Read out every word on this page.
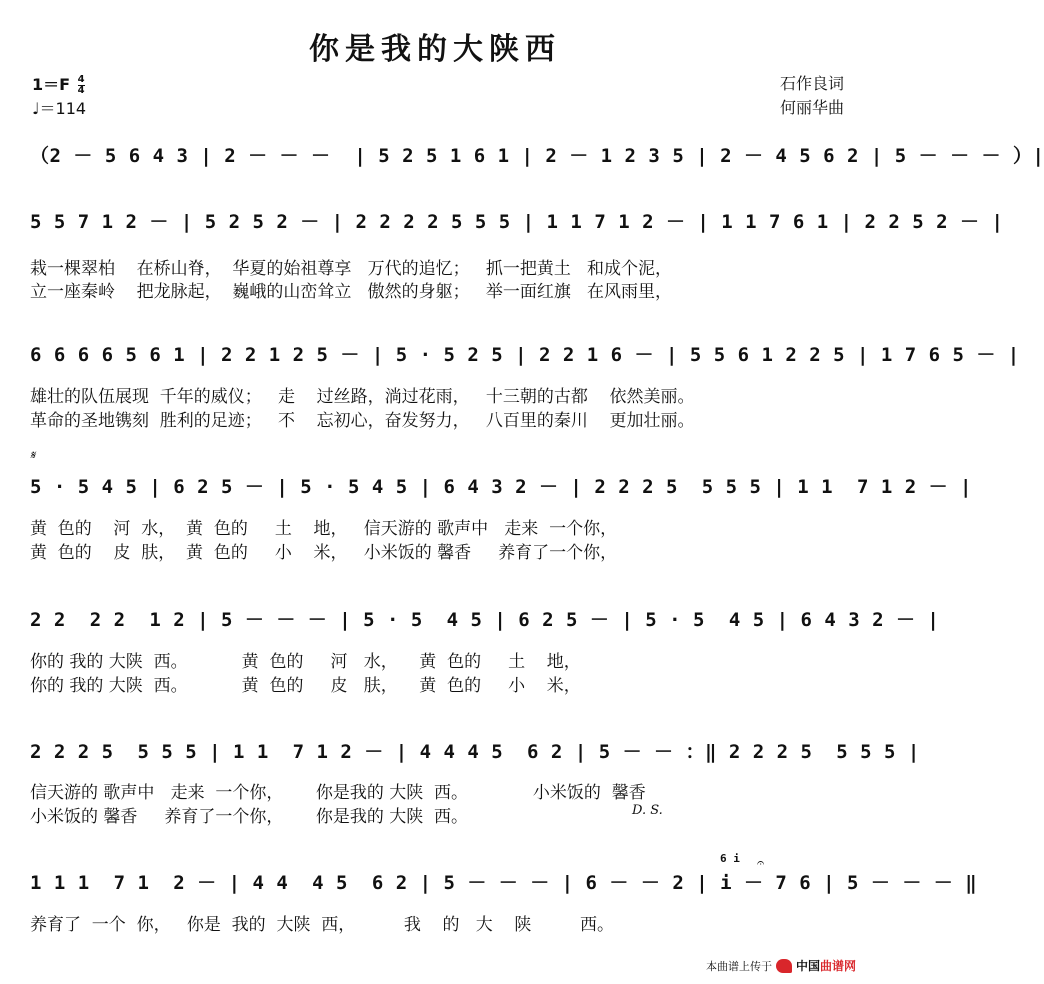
你是我的大陕西
$1=F \frac{4}{4}$
♩＝114
石作良词
何丽华曲
（2 － 5 6 4 3 | 2 － － －  | 5 2 5 1 6 1 | 2 － 1 2 3 5 | 2 － 4 5 6 2 | 5 － － － ）|
5 5 7 1 2 － | 5 2 5 2 － | 2 2 2 2 5 5 5 | 1 1 7 1 2 － | 1 1 7 6 1 | 2 2 5 2 － |
栽一棵翠柏    在桥山脊，  华夏的始祖尊享   万代的追忆；   抓一把黄土   和成个泥，
立一座秦岭    把龙脉起，  巍峨的山峦耸立   傲然的身躯；   举一面红旗   在风雨里，
6 6 6 6 5 6 1 | 2 2 1 2 5 － | 5 · 5 2 5 | 2 2 1 6 － | 5 5 6 1 2 2 5 | 1 7 6 5 － |
雄壮的队伍展现  千年的威仪；   走    过丝路，淌过花雨，   十三朝的古都    依然美丽。
革命的圣地镌刻  胜利的足迹；   不    忘初心，奋发努力，   八百里的秦川    更加壮丽。
𝄋
5 · 5 4 5 | 6 2 5 － | 5 · 5 4 5 | 6 4 3 2 － | 2 2 2 5  5 5 5 | 1 1  7 1 2 － |
黄  色的    河  水，  黄  色的     土    地，   信天游的 歌声中   走来  一个你，
黄  色的    皮  肤，  黄  色的     小    米，   小米饭的 馨香     养育了一个你，
2 2  2 2  1 2 | 5 － － － | 5 · 5  4 5 | 6 2 5 － | 5 · 5  4 5 | 6 4 3 2 － |
你的 我的 大陕  西。          黄  色的     河   水，    黄  色的     土    地，
你的 我的 大陕  西。          黄  色的     皮   肤，    黄  色的     小    米，
2 2 2 5  5 5 5 | 1 1  7 1 2 － | 4 4 4 5  6 2 | 5 － － ：‖ 2 2 2 5  5 5 5 |
信天游的 歌声中   走来  一个你，      你是我的 大陕  西。            小米饭的  馨香
小米饭的 馨香     养育了一个你，      你是我的 大陕  西。	D. S.
6 i 𝄐
1 1 1  7 1  2 － | 4 4  4 5  6 2 | 5 － － － | 6 － － 2 | i － 7 6 | 5 － － － ‖
养育了  一个  你，   你是  我的  大陕  西，         我    的   大    陕         西。
本曲谱上传于 中国曲谱网
